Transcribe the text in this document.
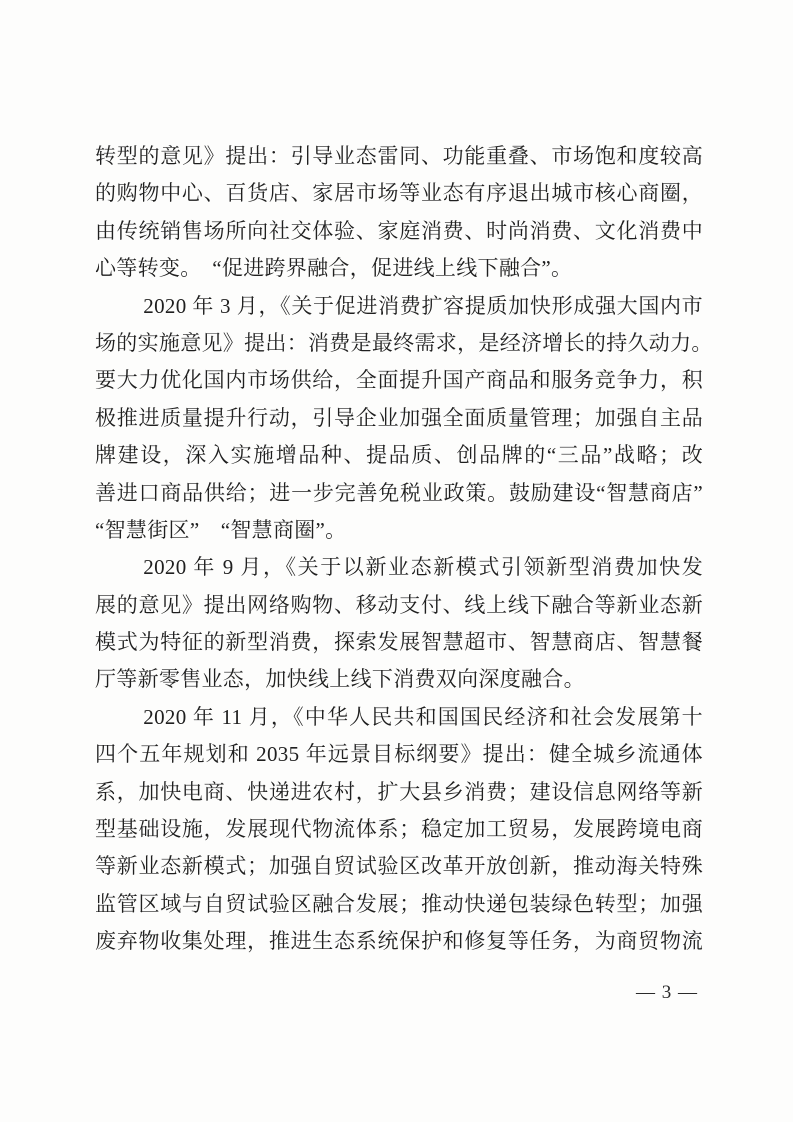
转型的意见》提出：引导业态雷同、功能重叠、市场饱和度较高
的购物中心、百货店、家居市场等业态有序退出城市核心商圈，
由传统销售场所向社交体验、家庭消费、时尚消费、文化消费中
心等转变。　“促进跨界融合，促进线上线下融合”。
2020 年 3 月，《关于促进消费扩容提质加快形成强大国内市
场的实施意见》提出：消费是最终需求，是经济增长的持久动力。
要大力优化国内市场供给，全面提升国产商品和服务竞争力，积
极推进质量提升行动，引导企业加强全面质量管理；加强自主品
牌建设，深入实施增品种、提品质、创品牌的“三品”战略；改
善进口商品供给；进一步完善免税业政策。鼓励建设“智慧商店”
“智慧街区”　“智慧商圈”。
2020 年 9 月，《关于以新业态新模式引领新型消费加快发
展的意见》提出网络购物、移动支付、线上线下融合等新业态新
模式为特征的新型消费，探索发展智慧超市、智慧商店、智慧餐
厅等新零售业态，加快线上线下消费双向深度融合。
2020 年 11 月，《中华人民共和国国民经济和社会发展第十
四个五年规划和 2035 年远景目标纲要》提出：健全城乡流通体
系，加快电商、快递进农村，扩大县乡消费；建设信息网络等新
型基础设施，发展现代物流体系；稳定加工贸易，发展跨境电商
等新业态新模式；加强自贸试验区改革开放创新，推动海关特殊
监管区域与自贸试验区融合发展；推动快递包装绿色转型；加强
废弃物收集处理，推进生态系统保护和修复等任务，为商贸物流
— 3 —
